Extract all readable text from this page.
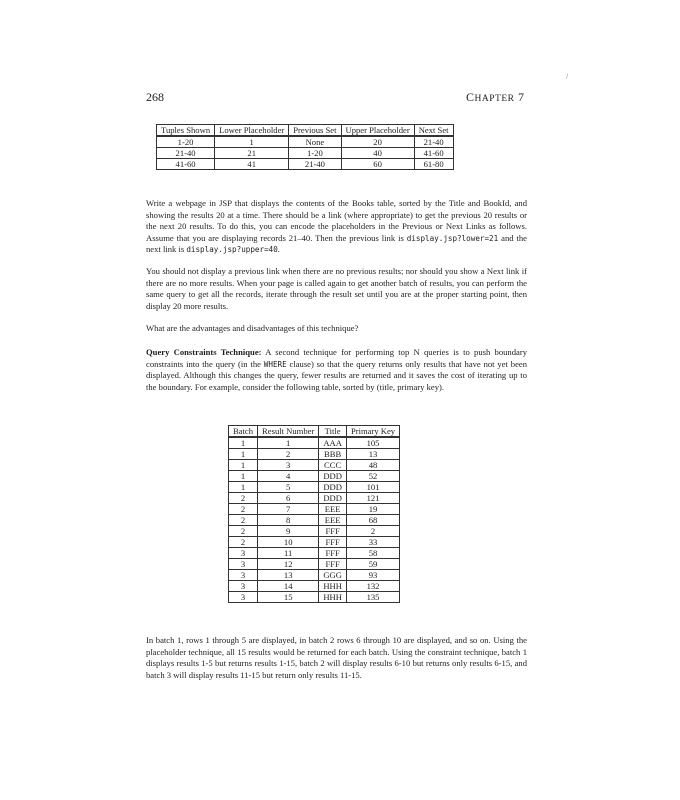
268	CHAPTER 7
/
Tuples Shown	Lower Placeholder	Previous Set	Upper Placeholder	Next Set
1-20	1	None	20	21-40
21-40	21	1-20	40	41-60
41-60	41	21-40	60	61-80

Write a webpage in JSP that displays the contents of the Books table, sorted by the Title and BookId, and showing the results 20 at a time. There should be a link (where appropriate) to get the previous 20 results or the next 20 results. To do this, you can encode the placeholders in the Previous or Next Links as follows. Assume that you are displaying records 21–40. Then the previous link is display.jsp?lower=21 and the next link is display.jsp?upper=40.

You should not display a previous link when there are no previous results; nor should you show a Next link if there are no more results. When your page is called again to get another batch of results, you can perform the same query to get all the records, iterate through the result set until you are at the proper starting point, then display 20 more results.

What are the advantages and disadvantages of this technique?

Query Constraints Technique: A second technique for performing top N queries is to push boundary constraints into the query (in the WHERE clause) so that the query returns only results that have not yet been displayed. Although this changes the query, fewer results are returned and it saves the cost of iterating up to the boundary. For example, consider the following table, sorted by (title, primary key).

Batch	Result Number	Title	Primary Key
1	1	AAA	105
1	2	BBB	13
1	3	CCC	48
1	4	DDD	52
1	5	DDD	101
2	6	DDD	121
2	7	EEE	19
2	8	EEE	68
2	9	FFF	2
2	10	FFF	33
3	11	FFF	58
3	12	FFF	59
3	13	GGG	93
3	14	HHH	132
3	15	HHH	135

In batch 1, rows 1 through 5 are displayed, in batch 2 rows 6 through 10 are displayed, and so on. Using the placeholder technique, all 15 results would be returned for each batch. Using the constraint technique, batch 1 displays results 1-5 but returns results 1-15, batch 2 will display results 6-10 but returns only results 6-15, and batch 3 will display results 11-15 but return only results 11-15.
